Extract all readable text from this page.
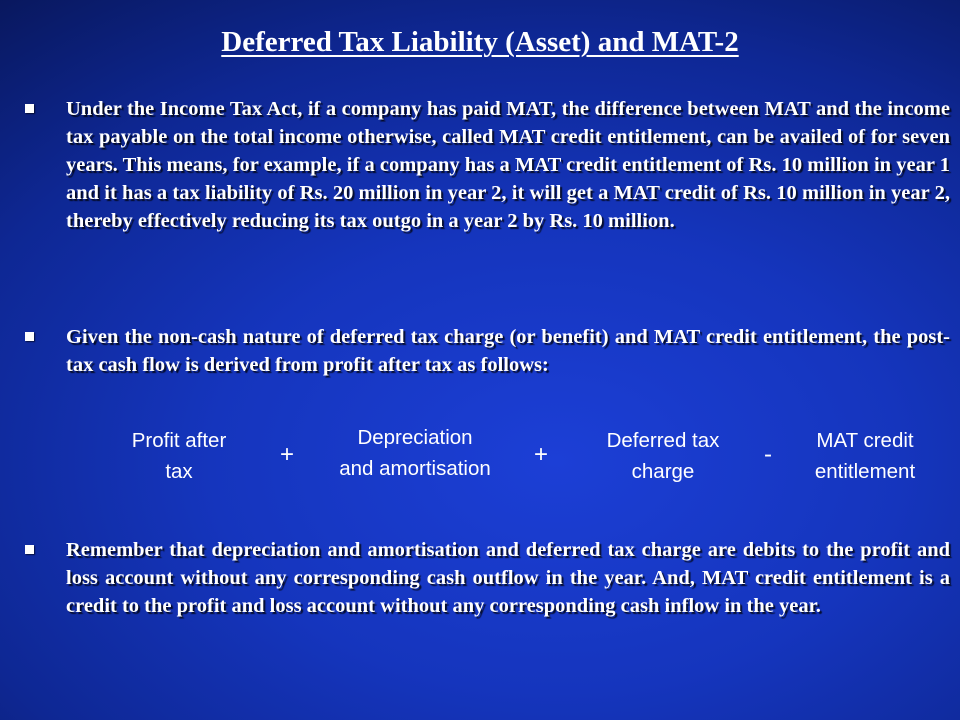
Deferred Tax Liability (Asset) and MAT-2
Under the Income Tax Act, if a company has paid MAT, the difference between MAT and the income tax payable on the total income otherwise, called MAT credit entitlement, can be availed of for seven years. This means, for example, if a company has a MAT credit entitlement of Rs. 10 million in year 1 and it has a tax liability of Rs. 20 million in year 2, it will get a MAT credit of Rs. 10 million in year 2, thereby effectively reducing its tax outgo in a year 2 by Rs. 10 million.
Given the non-cash nature of deferred tax charge (or benefit) and MAT credit entitlement, the post-tax cash flow is derived from profit after tax as follows:
Profit after
tax
+
Depreciation
and amortisation
+
Deferred tax
charge
-
MAT credit
entitlement
Remember that depreciation and amortisation and deferred tax charge are debits to the profit and loss account without any corresponding cash outflow in the year. And, MAT credit entitlement is a credit to the profit and loss account without any corresponding cash inflow in the year.
